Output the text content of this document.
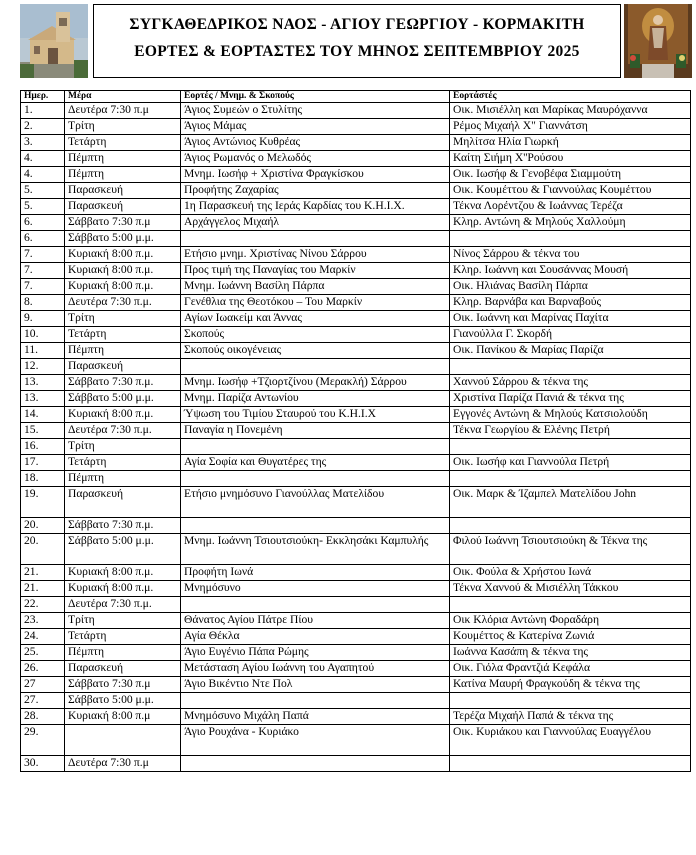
ΣΥΓΚΑΘΕΔΡΙΚΟΣ ΝΑΟΣ - ΑΓΙΟΥ ΓΕΩΡΓΙΟΥ - ΚΟΡΜΑΚΙΤΗ
ΕΟΡΤΕΣ & ΕΟΡΤΑΣΤΕΣ ΤΟΥ ΜΗΝΟΣ ΣΕΠΤΕΜΒΡΙΟΥ 2025
Ημερ.	Μέρα	Εορτές / Μνημ. & Σκοπούς	Εορτάστές
1.	Δευτέρα 7:30 π.μ	Άγιος Συμεών ο Στυλίτης	Οικ. Μισιέλλη και Μαρίκας Μαυρόχαννα
2.	Τρίτη	Άγιος Μάμας	Ρέμος Μιχαήλ Χ" Γιαννάτση
3.	Τετάρτη	Άγιος Αντώνιος Κυθρέας	Μηλίτσα Ηλία Γιωρκή
4.	Πέμπτη	Άγιος Ρωμανός ο Μελωδός	Καίτη Σιήμη Χ''Ρούσου
4.	Πέμπτη	Μνημ. Ιωσήφ + Χριστίνα Φραγκίσκου	Οικ. Ιωσήφ & Γενοβέφα Σιαμμούτη
5.	Παρασκευή	Προφήτης Ζαχαρίας	Οικ. Κουμέττου & Γιαννούλας Κουμέττου
5.	Παρασκευή	1η Παρασκευή της Ιεράς Καρδίας του Κ.Η.Ι.Χ.	Τέκνα Λορέντζου & Ιωάννας Τερέζα
6.	Σάββατο 7:30 π.μ	Αρχάγγελος Μιχαήλ	Κληρ. Αντώνη & Μηλούς Χαλλούμη
6.	Σάββατο 5:00 μ.μ.		
7.	Κυριακή 8:00 π.μ.	Ετήσιο μνημ. Χριστίνας Νίνου Σάρρου	Νίνος Σάρρου & τέκνα του
7.	Κυριακή 8:00 π.μ.	Προς τιμή της Παναγίας του Μαρκίν	Κληρ. Ιωάννη και Σουσάννας Μουσή
7.	Κυριακή 8:00 π.μ.	Μνημ. Ιωάννη Βασίλη Πάρπα	Οικ. Ηλιάνας Βασίλη Πάρπα
8.	Δευτέρα 7:30 π.μ.	Γενέθλια της Θεοτόκου – Του Μαρκίν	Κληρ. Βαρνάβα και Βαρναβούς
9.	Τρίτη	Αγίων Ιωακείμ και Άννας	Οικ. Ιωάννη και Μαρίνας Παχίτα
10.	Τετάρτη	Σκοπούς	Γιανούλλα Γ. Σκορδή
11.	Πέμπτη	Σκοπούς οικογένειας	Οικ. Πανίκου & Μαρίας Παρίζα
12.	Παρασκευή		
13.	Σάββατο 7:30 π.μ.	Μνημ. Ιωσήφ +Τζιορτζίνου (Μερακλή) Σάρρου	Χαννού Σάρρου & τέκνα της
13.	Σάββατο 5:00 μ.μ.	Μνημ. Παρίζα Αντωνίου	Χριστίνα Παρίζα Πανιά & τέκνα της
14.	Κυριακή 8:00 π.μ.	Ύψωση του Τιμίου Σταυρού του Κ.Η.Ι.Χ	Εγγονές Αντώνη & Μηλούς Κατσιολούδη
15.	Δευτέρα 7:30 π.μ.	Παναγία η Πονεμένη	Τέκνα Γεωργίου & Ελένης Πετρή
16.	Τρίτη		
17.	Τετάρτη	Αγία Σοφία και Θυγατέρες της	Οικ. Ιωσήφ και Γιαννούλα Πετρή
18.	Πέμπτη		
19.	Παρασκευή	Ετήσιο μνημόσυνο Γιανούλλας Ματελίδου	Οικ. Μαρκ & Ίζαμπελ Ματελίδου John
20.	Σάββατο 7:30 π.μ.		
20.	Σάββατο 5:00 μ.μ.	Μνημ. Ιωάννη Τσιουτσιούκη- Εκκλησάκι Καμπυλής	Φιλού Ιωάννη Τσιουτσιούκη & Τέκνα της
21.	Κυριακή 8:00 π.μ.	Προφήτη Ιωνά	Οικ. Φούλα & Χρήστου Ιωνά
21.	Κυριακή 8:00 π.μ.	Μνημόσυνο	Τέκνα Χαννού & Μισιέλλη Τάκκου
22.	Δευτέρα 7:30 π.μ.		
23.	Τρίτη	Θάνατος Αγίου Πάτρε Πίου	Οικ Κλόρια Αντώνη Φοραδάρη
24.	Τετάρτη	Αγία Θέκλα	Κουμέττος & Κατερίνα Ζωνιά
25.	Πέμπτη	Άγιο Ευγένιο Πάπα Ρώμης	Ιωάννα Κασάπη & τέκνα της
26.	Παρασκευή	Μετάσταση Αγίου Ιωάννη του Αγαπητού	Οικ. Γιόλα Φραντζιά Κεφάλα
27	Σάββατο 7:30 π.μ	Άγιο Βικέντιο Ντε Πολ	Κατίνα Μαυρή Φραγκούδη & τέκνα της
27.	Σάββατο 5:00 μ.μ.		
28.	Κυριακή 8:00 π.μ	Μνημόσυνο Μιχάλη Παπά	Τερέζα Μιχαήλ Παπά & τέκνα της
29.		Άγιο Ρουχάνα - Κυριάκο	Οικ. Κυριάκου και Γιαννούλας Ευαγγέλου
30.	Δευτέρα 7:30 π.μ		
